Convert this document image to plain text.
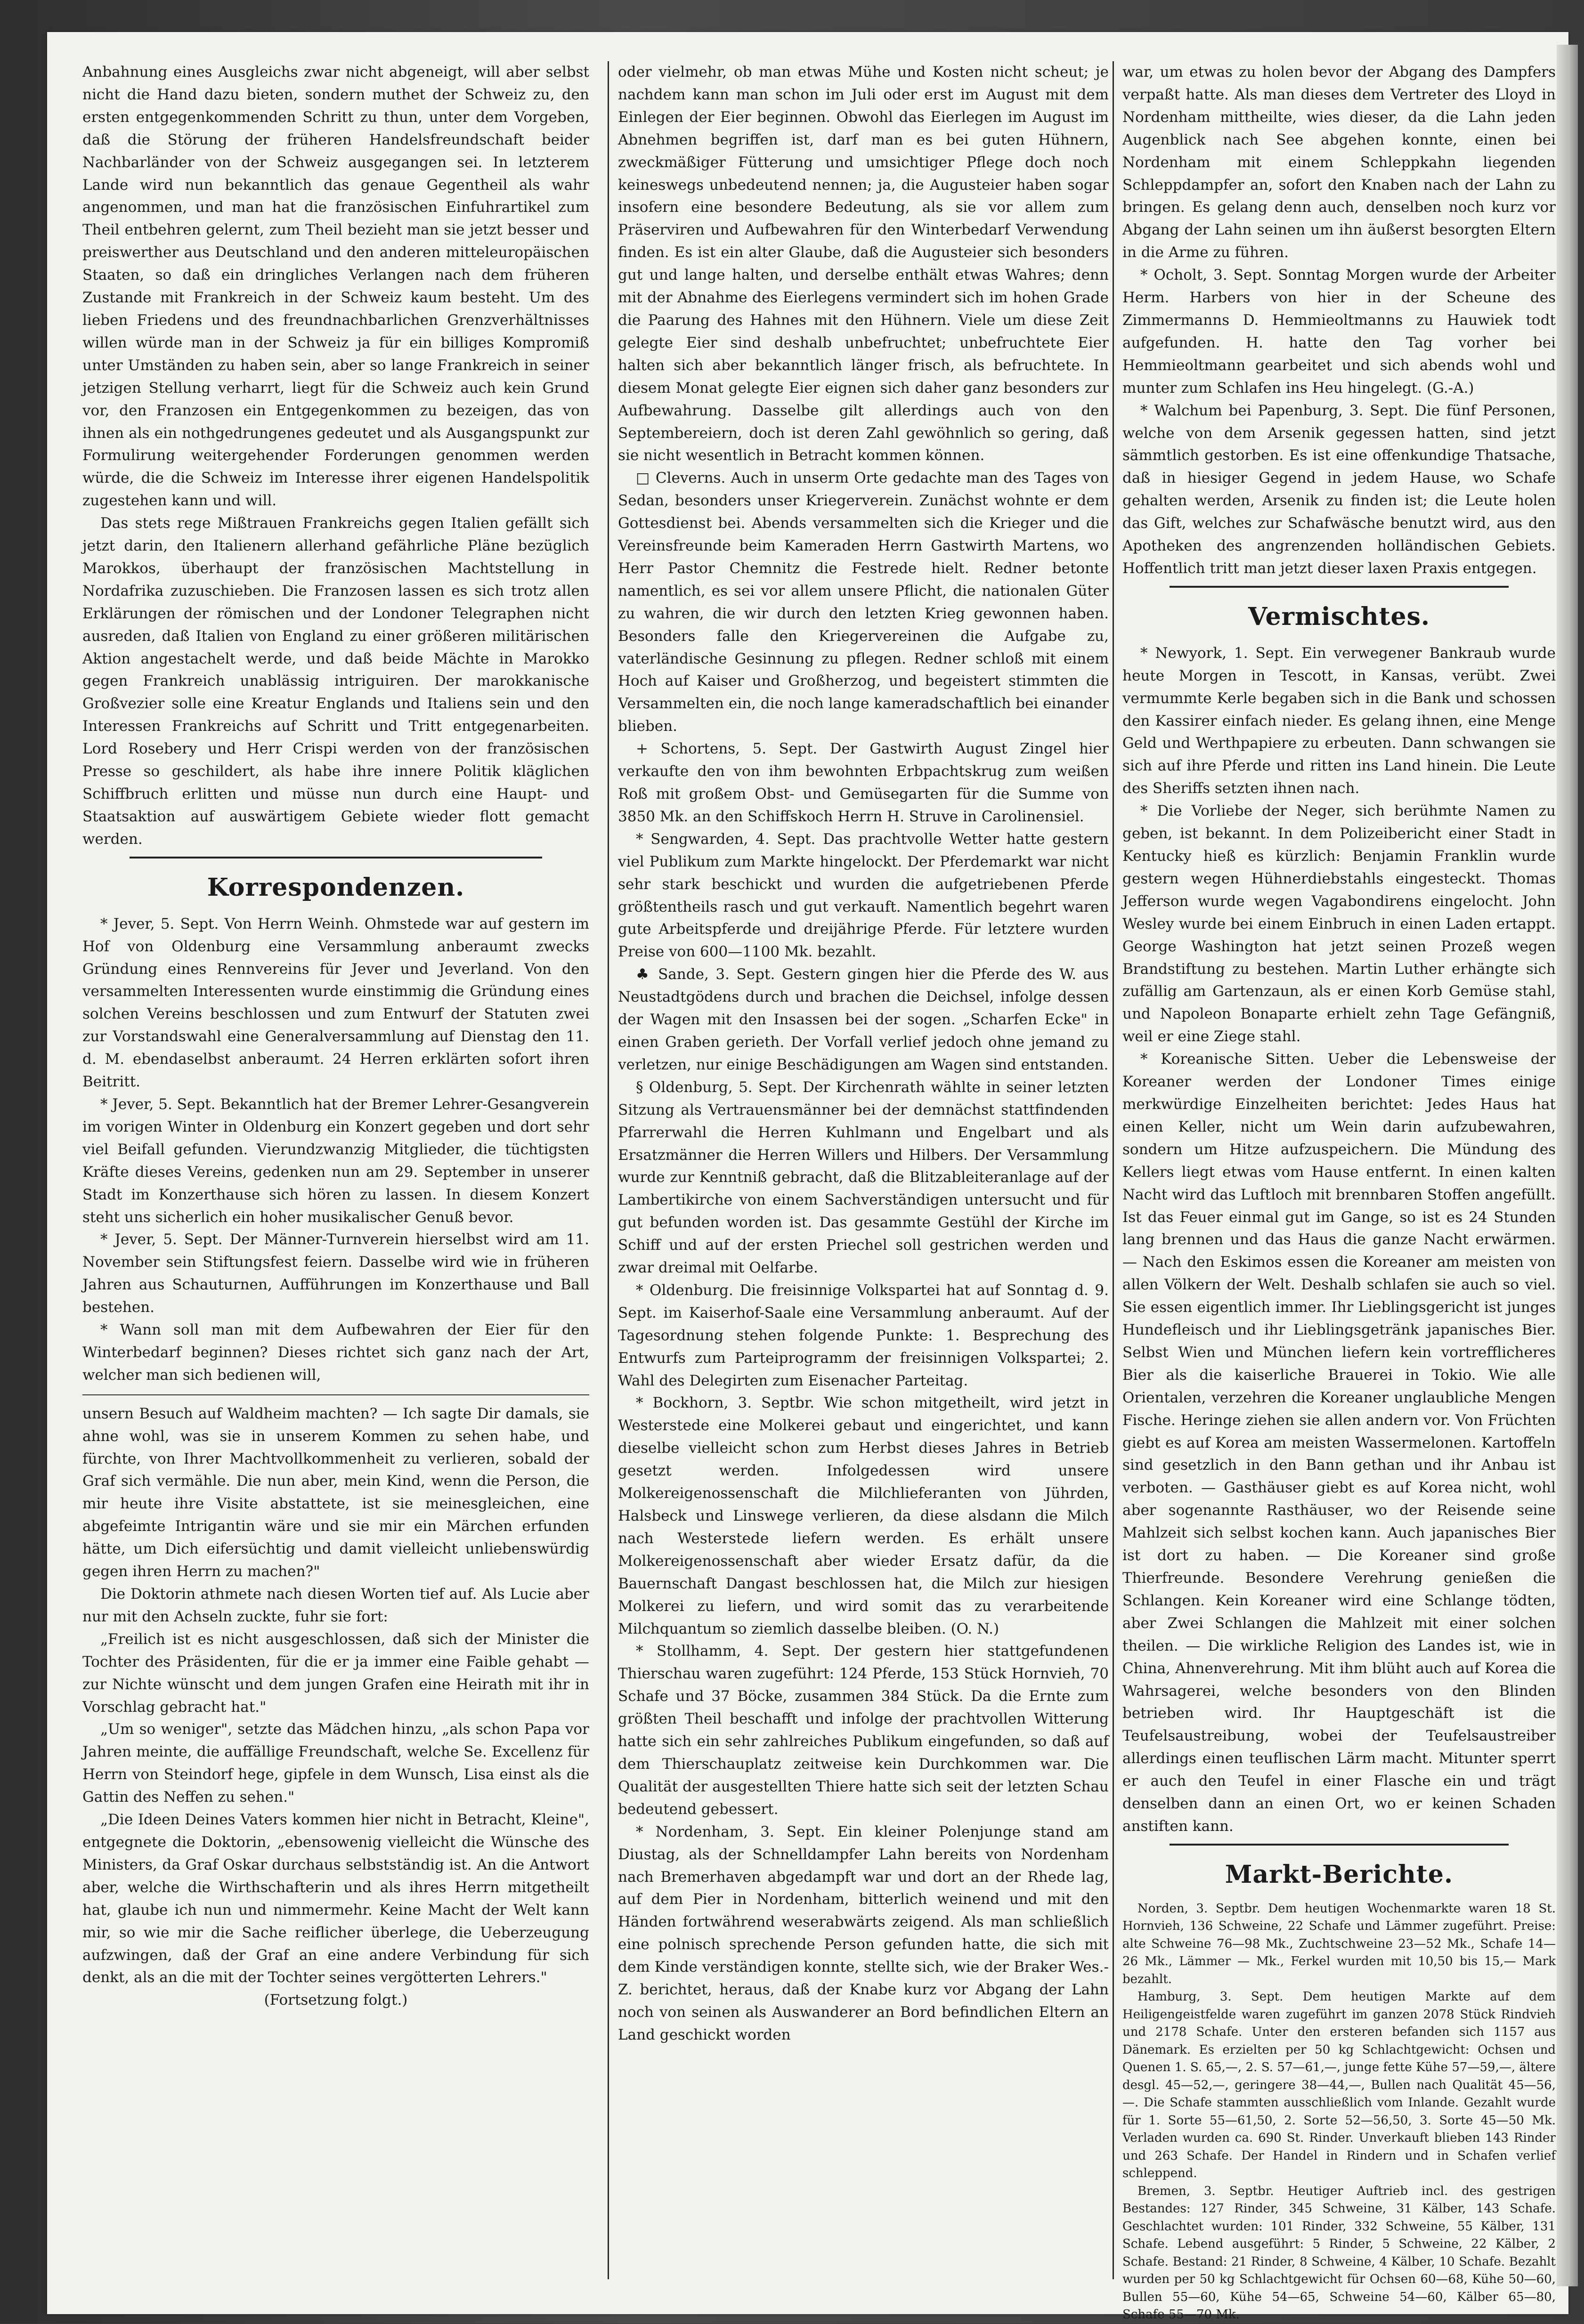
Anbahnung eines Ausgleichs zwar nicht abgeneigt, will aber selbst nicht die Hand dazu bieten, sondern muthet der Schweiz zu, den ersten entgegenkommenden Schritt zu thun, unter dem Vorgeben, daß die Störung der früheren Handelsfreundschaft beider Nachbarländer von der Schweiz ausgegangen sei. In letzterem Lande wird nun bekanntlich das genaue Gegentheil als wahr angenommen, und man hat die französischen Einfuhrartikel zum Theil entbehren gelernt, zum Theil bezieht man sie jetzt besser und preiswerther aus Deutschland und den anderen mitteleuropäischen Staaten, so daß ein dringliches Verlangen nach dem früheren Zustande mit Frankreich in der Schweiz kaum besteht. Um des lieben Friedens und des freundnachbarlichen Grenzverhältnisses willen würde man in der Schweiz ja für ein billiges Kompromiß unter Umständen zu haben sein, aber so lange Frankreich in seiner jetzigen Stellung verharrt, liegt für die Schweiz auch kein Grund vor, den Franzosen ein Entgegenkommen zu bezeigen, das von ihnen als ein nothgedrungenes gedeutet und als Ausgangspunkt zur Formulirung weitergehender Forderungen genommen werden würde, die die Schweiz im Interesse ihrer eigenen Handelspolitik zugestehen kann und will.

Das stets rege Mißtrauen Frankreichs gegen Italien gefällt sich jetzt darin, den Italienern allerhand gefährliche Pläne bezüglich Marokkos, überhaupt der französischen Machtstellung in Nordafrika zuzuschieben. Die Franzosen lassen es sich trotz allen Erklärungen der römischen und der Londoner Telegraphen nicht ausreden, daß Italien von England zu einer größeren militärischen Aktion angestachelt werde, und daß beide Mächte in Marokko gegen Frankreich unablässig intriguiren. Der marokkanische Großvezier solle eine Kreatur Englands und Italiens sein und den Interessen Frankreichs auf Schritt und Tritt entgegenarbeiten. Lord Rosebery und Herr Crispi werden von der französischen Presse so geschildert, als habe ihre innere Politik kläglichen Schiffbruch erlitten und müsse nun durch eine Haupt- und Staatsaktion auf auswärtigem Gebiete wieder flott gemacht werden.

Korrespondenzen.

* Jever, 5. Sept. Von Herrn Weinh. Ohmstede war auf gestern im Hof von Oldenburg eine Versammlung anberaumt zwecks Gründung eines Rennvereins für Jever und Jeverland. Von den versammelten Interessenten wurde einstimmig die Gründung eines solchen Vereins beschlossen und zum Entwurf der Statuten zwei zur Vorstandswahl eine Generalversammlung auf Dienstag den 11. d. M. ebendaselbst anberaumt. 24 Herren erklärten sofort ihren Beitritt.

* Jever, 5. Sept. Bekanntlich hat der Bremer Lehrer-Gesangverein im vorigen Winter in Oldenburg ein Konzert gegeben und dort sehr viel Beifall gefunden. Vierundzwanzig Mitglieder, die tüchtigsten Kräfte dieses Vereins, gedenken nun am 29. September in unserer Stadt im Konzerthause sich hören zu lassen. In diesem Konzert steht uns sicherlich ein hoher musikalischer Genuß bevor.

* Jever, 5. Sept. Der Männer-Turnverein hierselbst wird am 11. November sein Stiftungsfest feiern. Dasselbe wird wie in früheren Jahren aus Schauturnen, Aufführungen im Konzerthause und Ball bestehen.

* Wann soll man mit dem Aufbewahren der Eier für den Winterbedarf beginnen? Dieses richtet sich ganz nach der Art, welcher man sich bedienen will,

unsern Besuch auf Waldheim machten? — Ich sagte Dir damals, sie ahne wohl, was sie in unserem Kommen zu sehen habe, und fürchte, von Ihrer Machtvollkommenheit zu verlieren, sobald der Graf sich vermähle. Die nun aber, mein Kind, wenn die Person, die mir heute ihre Visite abstattete, ist sie meinesgleichen, eine abgefeimte Intrigantin wäre und sie mir ein Märchen erfunden hätte, um Dich eifersüchtig und damit vielleicht unliebenswürdig gegen ihren Herrn zu machen?"

Die Doktorin athmete nach diesen Worten tief auf. Als Lucie aber nur mit den Achseln zuckte, fuhr sie fort:

„Freilich ist es nicht ausgeschlossen, daß sich der Minister die Tochter des Präsidenten, für die er ja immer eine Faible gehabt — zur Nichte wünscht und dem jungen Grafen eine Heirath mit ihr in Vorschlag gebracht hat."

„Um so weniger", setzte das Mädchen hinzu, „als schon Papa vor Jahren meinte, die auffällige Freundschaft, welche Se. Excellenz für Herrn von Steindorf hege, gipfele in dem Wunsch, Lisa einst als die Gattin des Neffen zu sehen."

„Die Ideen Deines Vaters kommen hier nicht in Betracht, Kleine", entgegnete die Doktorin, „ebensowenig vielleicht die Wünsche des Ministers, da Graf Oskar durchaus selbstständig ist. An die Antwort aber, welche die Wirthschafterin und als ihres Herrn mitgetheilt hat, glaube ich nun und nimmermehr. Keine Macht der Welt kann mir, so wie mir die Sache reiflicher überlege, die Ueberzeugung aufzwingen, daß der Graf an eine andere Verbindung für sich denkt, als an die mit der Tochter seines vergötterten Lehrers."

(Fortsetzung folgt.)

oder vielmehr, ob man etwas Mühe und Kosten nicht scheut; je nachdem kann man schon im Juli oder erst im August mit dem Einlegen der Eier beginnen. Obwohl das Eierlegen im August im Abnehmen begriffen ist, darf man es bei guten Hühnern, zweckmäßiger Fütterung und umsichtiger Pflege doch noch keineswegs unbedeutend nennen; ja, die Augusteier haben sogar insofern eine besondere Bedeutung, als sie vor allem zum Präserviren und Aufbewahren für den Winterbedarf Verwendung finden. Es ist ein alter Glaube, daß die Augusteier sich besonders gut und lange halten, und derselbe enthält etwas Wahres; denn mit der Abnahme des Eierlegens vermindert sich im hohen Grade die Paarung des Hahnes mit den Hühnern. Viele um diese Zeit gelegte Eier sind deshalb unbefruchtet; unbefruchtete Eier halten sich aber bekanntlich länger frisch, als befruchtete. In diesem Monat gelegte Eier eignen sich daher ganz besonders zur Aufbewahrung. Dasselbe gilt allerdings auch von den Septembereiern, doch ist deren Zahl gewöhnlich so gering, daß sie nicht wesentlich in Betracht kommen können.

□ Cleverns. Auch in unserm Orte gedachte man des Tages von Sedan, besonders unser Kriegerverein. Zunächst wohnte er dem Gottesdienst bei. Abends versammelten sich die Krieger und die Vereinsfreunde beim Kameraden Herrn Gastwirth Martens, wo Herr Pastor Chemnitz die Festrede hielt. Redner betonte namentlich, es sei vor allem unsere Pflicht, die nationalen Güter zu wahren, die wir durch den letzten Krieg gewonnen haben. Besonders falle den Kriegervereinen die Aufgabe zu, vaterländische Gesinnung zu pflegen. Redner schloß mit einem Hoch auf Kaiser und Großherzog, und begeistert stimmten die Versammelten ein, die noch lange kameradschaftlich bei einander blieben.

+ Schortens, 5. Sept. Der Gastwirth August Zingel hier verkaufte den von ihm bewohnten Erbpachtskrug zum weißen Roß mit großem Obst- und Gemüsegarten für die Summe von 3850 Mk. an den Schiffskoch Herrn H. Struve in Carolinensiel.

* Sengwarden, 4. Sept. Das prachtvolle Wetter hatte gestern viel Publikum zum Markte hingelockt. Der Pferdemarkt war nicht sehr stark beschickt und wurden die aufgetriebenen Pferde größtentheils rasch und gut verkauft. Namentlich begehrt waren gute Arbeitspferde und dreijährige Pferde. Für letztere wurden Preise von 600—1100 Mk. bezahlt.

♣ Sande, 3. Sept. Gestern gingen hier die Pferde des W. aus Neustadtgödens durch und brachen die Deichsel, infolge dessen der Wagen mit den Insassen bei der sogen. „Scharfen Ecke" in einen Graben gerieth. Der Vorfall verlief jedoch ohne jemand zu verletzen, nur einige Beschädigungen am Wagen sind entstanden.

§ Oldenburg, 5. Sept. Der Kirchenrath wählte in seiner letzten Sitzung als Vertrauensmänner bei der demnächst stattfindenden Pfarrerwahl die Herren Kuhlmann und Engelbart und als Ersatzmänner die Herren Willers und Hilbers. Der Versammlung wurde zur Kenntniß gebracht, daß die Blitzableiteranlage auf der Lambertikirche von einem Sachverständigen untersucht und für gut befunden worden ist. Das gesammte Gestühl der Kirche im Schiff und auf der ersten Priechel soll gestrichen werden und zwar dreimal mit Oelfarbe.

* Oldenburg. Die freisinnige Volkspartei hat auf Sonntag d. 9. Sept. im Kaiserhof-Saale eine Versammlung anberaumt. Auf der Tagesordnung stehen folgende Punkte: 1. Besprechung des Entwurfs zum Parteiprogramm der freisinnigen Volkspartei; 2. Wahl des Delegirten zum Eisenacher Parteitag.

* Bockhorn, 3. Septbr. Wie schon mitgetheilt, wird jetzt in Westerstede eine Molkerei gebaut und eingerichtet, und kann dieselbe vielleicht schon zum Herbst dieses Jahres in Betrieb gesetzt werden. Infolgedessen wird unsere Molkereigenossenschaft die Milchlieferanten von Jührden, Halsbeck und Linswege verlieren, da diese alsdann die Milch nach Westerstede liefern werden. Es erhält unsere Molkereigenossenschaft aber wieder Ersatz dafür, da die Bauernschaft Dangast beschlossen hat, die Milch zur hiesigen Molkerei zu liefern, und wird somit das zu verarbeitende Milchquantum so ziemlich dasselbe bleiben. (O. N.)

* Stollhamm, 4. Sept. Der gestern hier stattgefundenen Thierschau waren zugeführt: 124 Pferde, 153 Stück Hornvieh, 70 Schafe und 37 Böcke, zusammen 384 Stück. Da die Ernte zum größten Theil beschafft und infolge der prachtvollen Witterung hatte sich ein sehr zahlreiches Publikum eingefunden, so daß auf dem Thierschauplatz zeitweise kein Durchkommen war. Die Qualität der ausgestellten Thiere hatte sich seit der letzten Schau bedeutend gebessert.

* Nordenham, 3. Sept. Ein kleiner Polenjunge stand am Diustag, als der Schnelldampfer Lahn bereits von Nordenham nach Bremerhaven abgedampft war und dort an der Rhede lag, auf dem Pier in Nordenham, bitterlich weinend und mit den Händen fortwährend weserabwärts zeigend. Als man schließlich eine polnisch sprechende Person gefunden hatte, die sich mit dem Kinde verständigen konnte, stellte sich, wie der Braker Wes.-Z. berichtet, heraus, daß der Knabe kurz vor Abgang der Lahn noch von seinen als Auswanderer an Bord befindlichen Eltern an Land geschickt worden

war, um etwas zu holen bevor der Abgang des Dampfers verpaßt hatte. Als man dieses dem Vertreter des Lloyd in Nordenham mittheilte, wies dieser, da die Lahn jeden Augenblick nach See abgehen konnte, einen bei Nordenham mit einem Schleppkahn liegenden Schleppdampfer an, sofort den Knaben nach der Lahn zu bringen. Es gelang denn auch, denselben noch kurz vor Abgang der Lahn seinen um ihn äußerst besorgten Eltern in die Arme zu führen.

* Ocholt, 3. Sept. Sonntag Morgen wurde der Arbeiter Herm. Harbers von hier in der Scheune des Zimmermanns D. Hemmieoltmanns zu Hauwiek todt aufgefunden. H. hatte den Tag vorher bei Hemmieoltmann gearbeitet und sich abends wohl und munter zum Schlafen ins Heu hingelegt. (G.-A.)

* Walchum bei Papenburg, 3. Sept. Die fünf Personen, welche von dem Arsenik gegessen hatten, sind jetzt sämmtlich gestorben. Es ist eine offenkundige Thatsache, daß in hiesiger Gegend in jedem Hause, wo Schafe gehalten werden, Arsenik zu finden ist; die Leute holen das Gift, welches zur Schafwäsche benutzt wird, aus den Apotheken des angrenzenden holländischen Gebiets. Hoffentlich tritt man jetzt dieser laxen Praxis entgegen.

Vermischtes.

* Newyork, 1. Sept. Ein verwegener Bankraub wurde heute Morgen in Tescott, in Kansas, verübt. Zwei vermummte Kerle begaben sich in die Bank und schossen den Kassirer einfach nieder. Es gelang ihnen, eine Menge Geld und Werthpapiere zu erbeuten. Dann schwangen sie sich auf ihre Pferde und ritten ins Land hinein. Die Leute des Sheriffs setzten ihnen nach.

* Die Vorliebe der Neger, sich berühmte Namen zu geben, ist bekannt. In dem Polizeibericht einer Stadt in Kentucky hieß es kürzlich: Benjamin Franklin wurde gestern wegen Hühnerdiebstahls eingesteckt. Thomas Jefferson wurde wegen Vagabondirens eingelocht. John Wesley wurde bei einem Einbruch in einen Laden ertappt. George Washington hat jetzt seinen Prozeß wegen Brandstiftung zu bestehen. Martin Luther erhängte sich zufällig am Gartenzaun, als er einen Korb Gemüse stahl, und Napoleon Bonaparte erhielt zehn Tage Gefängniß, weil er eine Ziege stahl.

* Koreanische Sitten. Ueber die Lebensweise der Koreaner werden der Londoner Times einige merkwürdige Einzelheiten berichtet: Jedes Haus hat einen Keller, nicht um Wein darin aufzubewahren, sondern um Hitze aufzuspeichern. Die Mündung des Kellers liegt etwas vom Hause entfernt. In einen kalten Nacht wird das Luftloch mit brennbaren Stoffen angefüllt. Ist das Feuer einmal gut im Gange, so ist es 24 Stunden lang brennen und das Haus die ganze Nacht erwärmen. — Nach den Eskimos essen die Koreaner am meisten von allen Völkern der Welt. Deshalb schlafen sie auch so viel. Sie essen eigentlich immer. Ihr Lieblingsgericht ist junges Hundefleisch und ihr Lieblingsgetränk japanisches Bier. Selbst Wien und München liefern kein vortrefflicheres Bier als die kaiserliche Brauerei in Tokio. Wie alle Orientalen, verzehren die Koreaner unglaubliche Mengen Fische. Heringe ziehen sie allen andern vor. Von Früchten giebt es auf Korea am meisten Wassermelonen. Kartoffeln sind gesetzlich in den Bann gethan und ihr Anbau ist verboten. — Gasthäuser giebt es auf Korea nicht, wohl aber sogenannte Rasthäuser, wo der Reisende seine Mahlzeit sich selbst kochen kann. Auch japanisches Bier ist dort zu haben. — Die Koreaner sind große Thierfreunde. Besondere Verehrung genießen die Schlangen. Kein Koreaner wird eine Schlange tödten, aber Zwei Schlangen die Mahlzeit mit einer solchen theilen. — Die wirkliche Religion des Landes ist, wie in China, Ahnenverehrung. Mit ihm blüht auch auf Korea die Wahrsagerei, welche besonders von den Blinden betrieben wird. Ihr Hauptgeschäft ist die Teufelsaustreibung, wobei der Teufelsaustreiber allerdings einen teuflischen Lärm macht. Mitunter sperrt er auch den Teufel in einer Flasche ein und trägt denselben dann an einen Ort, wo er keinen Schaden anstiften kann.

Markt-Berichte.

Norden, 3. Septbr. Dem heutigen Wochenmarkte waren 18 St. Hornvieh, 136 Schweine, 22 Schafe und Lämmer zugeführt. Preise: alte Schweine 76—98 Mk., Zuchtschweine 23—52 Mk., Schafe 14—26 Mk., Lämmer — Mk., Ferkel wurden mit 10,50 bis 15,— Mark bezahlt.

Hamburg, 3. Sept. Dem heutigen Markte auf dem Heiligengeistfelde waren zugeführt im ganzen 2078 Stück Rindvieh und 2178 Schafe. Unter den ersteren befanden sich 1157 aus Dänemark. Es erzielten per 50 kg Schlachtgewicht: Ochsen und Quenen 1. S. 65,—, 2. S. 57—61,—, junge fette Kühe 57—59,—, ältere desgl. 45—52,—, geringere 38—44,—, Bullen nach Qualität 45—56,—. Die Schafe stammten ausschließlich vom Inlande. Gezahlt wurde für 1. Sorte 55—61,50, 2. Sorte 52—56,50, 3. Sorte 45—50 Mk. Verladen wurden ca. 690 St. Rinder. Unverkauft blieben 143 Rinder und 263 Schafe. Der Handel in Rindern und in Schafen verlief schleppend.

Bremen, 3. Septbr. Heutiger Auftrieb incl. des gestrigen Bestandes: 127 Rinder, 345 Schweine, 31 Kälber, 143 Schafe. Geschlachtet wurden: 101 Rinder, 332 Schweine, 55 Kälber, 131 Schafe. Lebend ausgeführt: 5 Rinder, 5 Schweine, 22 Kälber, 2 Schafe. Bestand: 21 Rinder, 8 Schweine, 4 Kälber, 10 Schafe. Bezahlt wurden per 50 kg Schlachtgewicht für Ochsen 60—68, Kühe 50—60, Bullen 55—60, Kühe 54—65, Schweine 54—60, Kälber 65—80, Schafe 55—70 Mk.
